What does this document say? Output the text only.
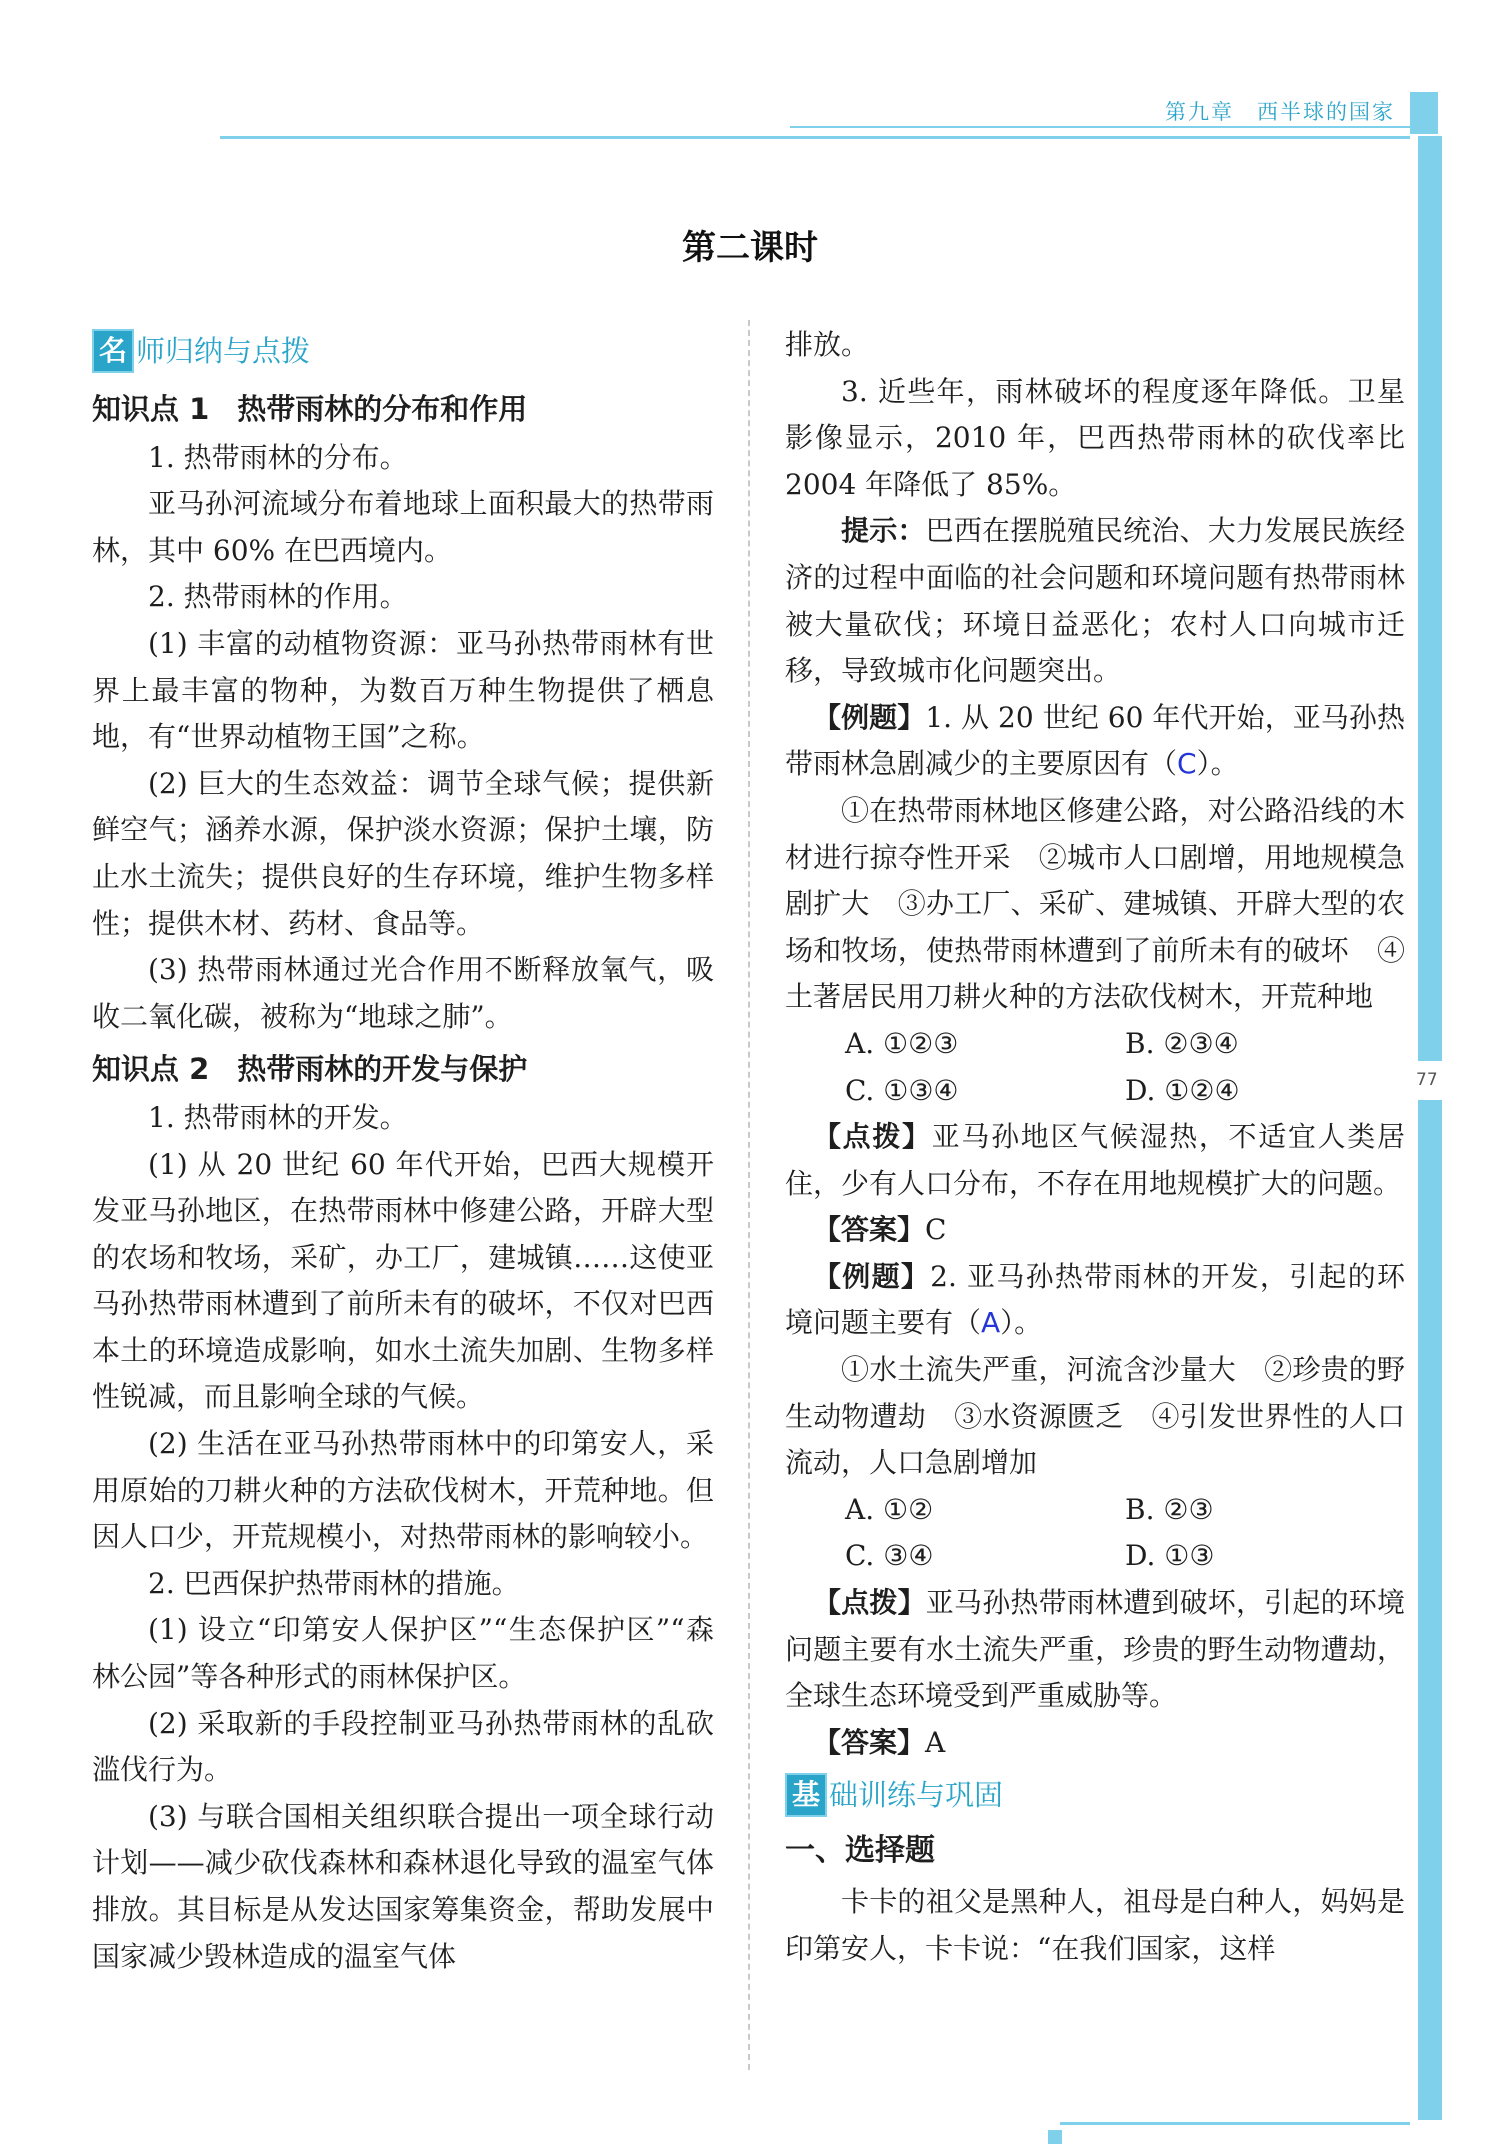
第九章　西半球的国家
77
第二课时
名 师归纳与点拨
知识点 1 热带雨林的分布和作用

1. 热带雨林的分布。

亚马孙河流域分布着地球上面积最大的热带雨林，其中 60% 在巴西境内。

2. 热带雨林的作用。

(1) 丰富的动植物资源：亚马孙热带雨林有世界上最丰富的物种，为数百万种生物提供了栖息地，有“世界动植物王国”之称。

(2) 巨大的生态效益：调节全球气候；提供新鲜空气；涵养水源，保护淡水资源；保护土壤，防止水土流失；提供良好的生存环境，维护生物多样性；提供木材、药材、食品等。

(3) 热带雨林通过光合作用不断释放氧气，吸收二氧化碳，被称为“地球之肺”。

知识点 2 热带雨林的开发与保护

1. 热带雨林的开发。

(1) 从 20 世纪 60 年代开始，巴西大规模开发亚马孙地区，在热带雨林中修建公路，开辟大型的农场和牧场，采矿，办工厂，建城镇……这使亚马孙热带雨林遭到了前所未有的破坏，不仅对巴西本土的环境造成影响，如水土流失加剧、生物多样性锐减，而且影响全球的气候。

(2) 生活在亚马孙热带雨林中的印第安人，采用原始的刀耕火种的方法砍伐树木，开荒种地。但因人口少，开荒规模小，对热带雨林的影响较小。

2. 巴西保护热带雨林的措施。

(1) 设立“印第安人保护区”“生态保护区”“森林公园”等各种形式的雨林保护区。

(2) 采取新的手段控制亚马孙热带雨林的乱砍滥伐行为。

(3) 与联合国相关组织联合提出一项全球行动计划——减少砍伐森林和森林退化导致的温室气体排放。其目标是从发达国家筹集资金，帮助发展中国家减少毁林造成的温室气体

排放。

3. 近些年，雨林破坏的程度逐年降低。卫星影像显示，2010 年，巴西热带雨林的砍伐率比 2004 年降低了 85%。

提示：巴西在摆脱殖民统治、大力发展民族经济的过程中面临的社会问题和环境问题有热带雨林被大量砍伐；环境日益恶化；农村人口向城市迁移，导致城市化问题突出。

【例题】1. 从 20 世纪 60 年代开始，亚马孙热带雨林急剧减少的主要原因有（C）。

①在热带雨林地区修建公路，对公路沿线的木材进行掠夺性开采　②城市人口剧增，用地规模急剧扩大　③办工厂、采矿、建城镇、开辟大型的农场和牧场，使热带雨林遭到了前所未有的破坏　④土著居民用刀耕火种的方法砍伐树木，开荒种地

A. ①②③	B. ②③④
C. ①③④	D. ①②④

【点拨】亚马孙地区气候湿热，不适宜人类居住，少有人口分布，不存在用地规模扩大的问题。

【答案】C

【例题】2. 亚马孙热带雨林的开发，引起的环境问题主要有（A）。

①水土流失严重，河流含沙量大　②珍贵的野生动物遭劫　③水资源匮乏　④引发世界性的人口流动，人口急剧增加

A. ①②	B. ②③
C. ③④	D. ①③

【点拨】亚马孙热带雨林遭到破坏，引起的环境问题主要有水土流失严重，珍贵的野生动物遭劫，全球生态环境受到严重威胁等。

【答案】A

基 础训练与巩固
一、选择题

卡卡的祖父是黑种人，祖母是白种人，妈妈是印第安人，卡卡说：“在我们国家，这样
